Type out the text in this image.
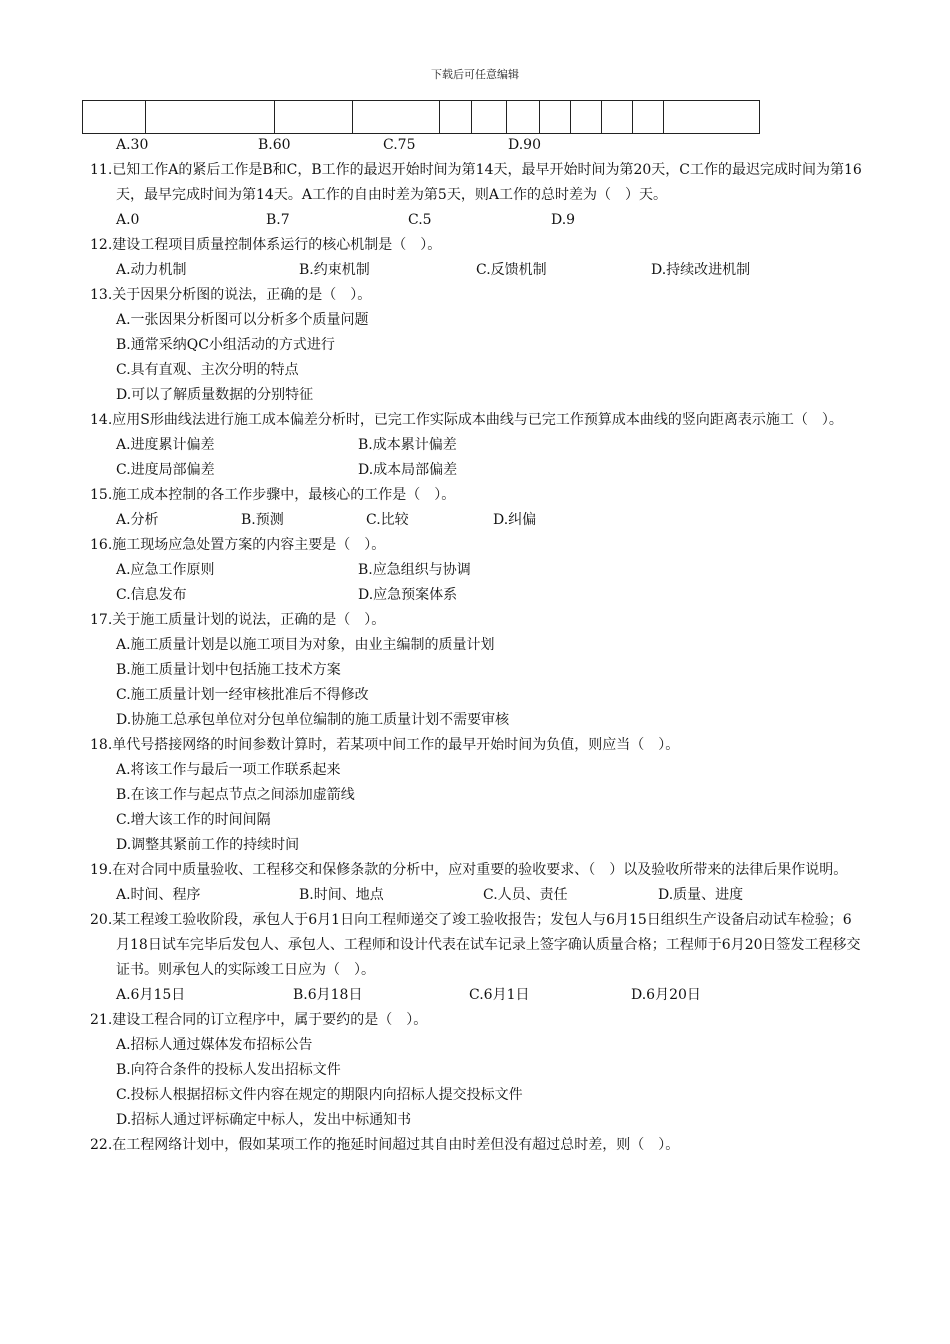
下载后可任意编辑

A.30	B.60	C.75	D.90
11.已知工作A的紧后工作是B和C，B工作的最迟开始时间为第14天，最早开始时间为第20天，C工作的最迟完成时间为第16天，最早完成时间为第14天。A工作的自由时差为第5天，则A工作的总时差为（　）天。
A.0	B.7	C.5	D.9
12.建设工程项目质量控制体系运行的核心机制是（　）。
A.动力机制	B.约束机制	C.反馈机制	D.持续改进机制
13.关于因果分析图的说法，正确的是（　）。
A.一张因果分析图可以分析多个质量问题
B.通常采纳QC小组活动的方式进行
C.具有直观、主次分明的特点
D.可以了解质量数据的分别特征
14.应用S形曲线法进行施工成本偏差分析时，已完工作实际成本曲线与已完工作预算成本曲线的竖向距离表示施工（　）。
A.进度累计偏差	B.成本累计偏差
C.进度局部偏差	D.成本局部偏差
15.施工成本控制的各工作步骤中，最核心的工作是（　）。
A.分析	B.预测	C.比较	D.纠偏
16.施工现场应急处置方案的内容主要是（　）。
A.应急工作原则	B.应急组织与协调
C.信息发布	D.应急预案体系
17.关于施工质量计划的说法，正确的是（　）。
A.施工质量计划是以施工项目为对象，由业主编制的质量计划
B.施工质量计划中包括施工技术方案
C.施工质量计划一经审核批准后不得修改
D.协施工总承包单位对分包单位编制的施工质量计划不需要审核
18.单代号搭接网络的时间参数计算时，若某项中间工作的最早开始时间为负值，则应当（　）。
A.将该工作与最后一项工作联系起来
B.在该工作与起点节点之间添加虚箭线
C.增大该工作的时间间隔
D.调整其紧前工作的持续时间
19.在对合同中质量验收、工程移交和保修条款的分析中，应对重要的验收要求、（　）以及验收所带来的法律后果作说明。
A.时间、程序	B.时间、地点	C.人员、责任	D.质量、进度
20.某工程竣工验收阶段，承包人于6月1日向工程师递交了竣工验收报告；发包人与6月15日组织生产设备启动试车检验；6月18日试车完毕后发包人、承包人、工程师和设计代表在试车记录上签字确认质量合格；工程师于6月20日签发工程移交证书。则承包人的实际竣工日应为（　）。
A.6月15日	B.6月18日	C.6月1日	D.6月20日
21.建设工程合同的订立程序中，属于要约的是（　）。
A.招标人通过媒体发布招标公告
B.向符合条件的投标人发出招标文件
C.投标人根据招标文件内容在规定的期限内向招标人提交投标文件
D.招标人通过评标确定中标人，发出中标通知书
22.在工程网络计划中，假如某项工作的拖延时间超过其自由时差但没有超过总时差，则（　）。
